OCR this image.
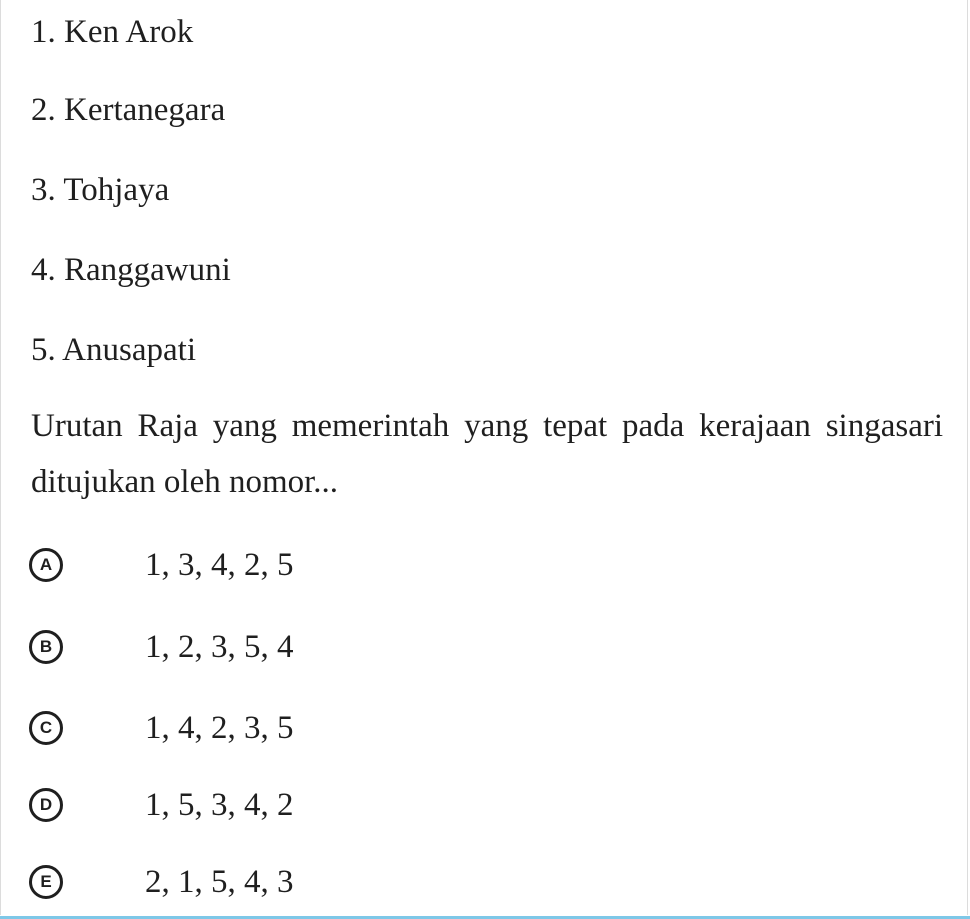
1. Ken Arok
2. Kertanegara
3. Tohjaya
4. Ranggawuni
5. Anusapati
Urutan Raja yang memerintah yang tepat pada kerajaan singasari ditujukan oleh nomor...
A	1, 3, 4, 2, 5
B	1, 2, 3, 5, 4
C	1, 4, 2, 3, 5
D	1, 5, 3, 4, 2
E	2, 1, 5, 4, 3
